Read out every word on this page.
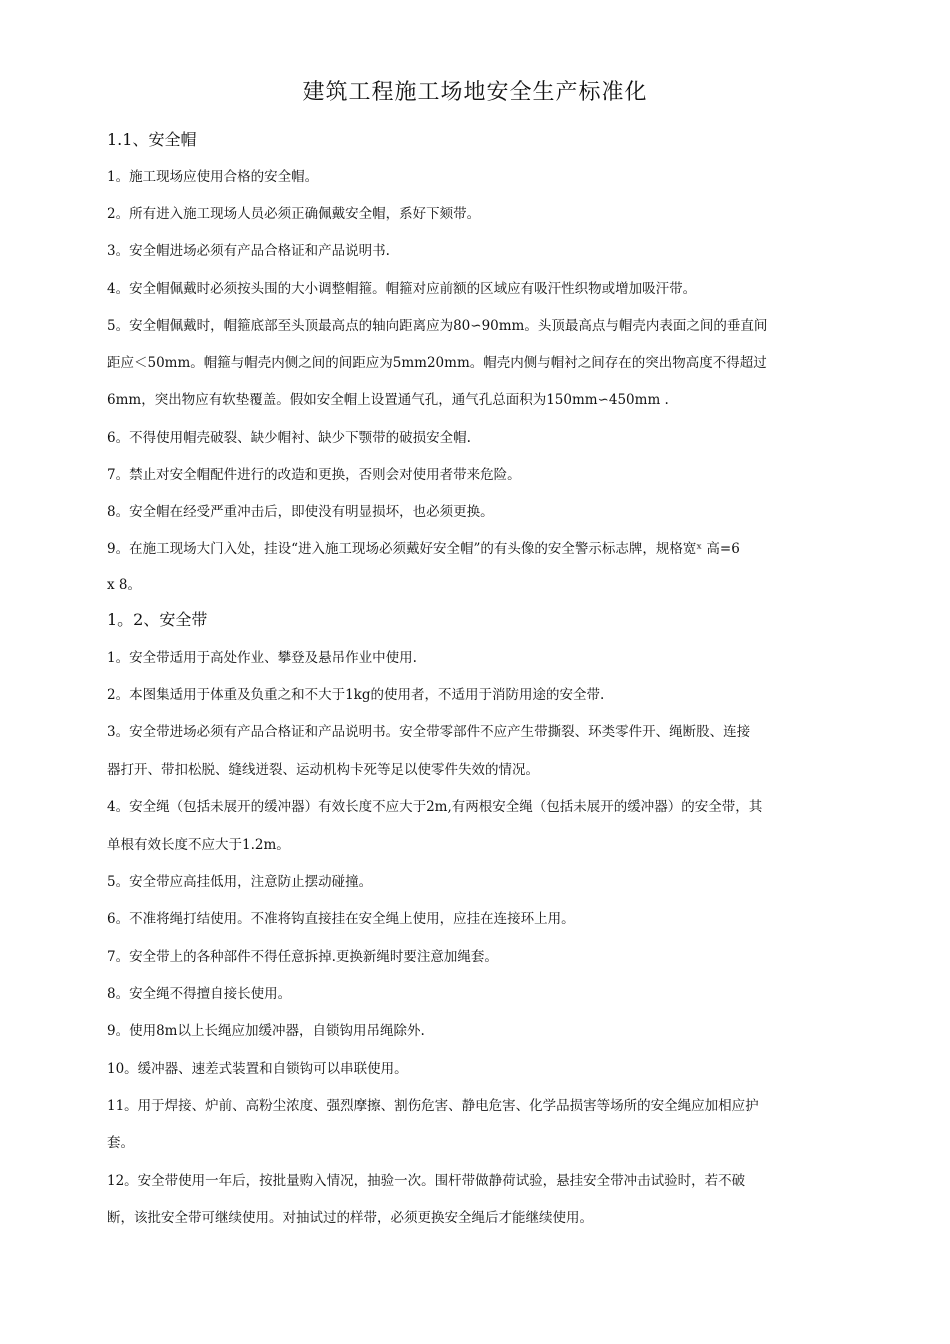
建筑工程施工场地安全生产标准化
1.1、安全帽
1。施工现场应使用合格的安全帽。
2。所有进入施工现场人员必须正确佩戴安全帽，系好下颏带。
3。安全帽进场必须有产品合格证和产品说明书.
4。安全帽佩戴时必须按头围的大小调整帽箍。帽箍对应前额的区域应有吸汗性织物或增加吸汗带。
5。安全帽佩戴时，帽箍底部至头顶最高点的轴向距离应为80∽90mm。头顶最高点与帽壳内表面之间的垂直间
距应＜50mm。帽箍与帽壳内侧之间的间距应为5mm20mm。帽壳内侧与帽衬之间存在的突出物高度不得超过
6mm，突出物应有软垫覆盖。假如安全帽上设置通气孔，通气孔总面积为150mm∽450mm .
6。不得使用帽壳破裂、缺少帽衬、缺少下颚带的破损安全帽.
7。禁止对安全帽配件进行的改造和更换，否则会对使用者带来危险。
8。安全帽在经受严重冲击后，即使没有明显损坏，也必须更换。
9。在施工现场大门入处，挂设“进入施工现场必须戴好安全帽”的有头像的安全警示标志牌，规格宽ˣ 高=6
x 8。
1。2、安全带
1。安全带适用于高处作业、攀登及悬吊作业中使用.
2。本图集适用于体重及负重之和不大于1kg的使用者，不适用于消防用途的安全带.
3。安全带进场必须有产品合格证和产品说明书。安全带零部件不应产生带撕裂、环类零件开、绳断股、连接
器打开、带扣松脱、缝线迸裂、运动机构卡死等足以使零件失效的情况。
4。安全绳（包括未展开的缓冲器）有效长度不应大于2m,有两根安全绳（包括未展开的缓冲器）的安全带，其
单根有效长度不应大于1.2m。
5。安全带应高挂低用，注意防止摆动碰撞。
6。不准将绳打结使用。不准将钩直接挂在安全绳上使用，应挂在连接环上用。
7。安全带上的各种部件不得任意拆掉.更换新绳时要注意加绳套。
8。安全绳不得擅自接长使用。
9。使用8m以上长绳应加缓冲器，自锁钩用吊绳除外.
10。缓冲器、速差式装置和自锁钩可以串联使用。
11。用于焊接、炉前、高粉尘浓度、强烈摩擦、割伤危害、静电危害、化学品损害等场所的安全绳应加相应护
套。
12。安全带使用一年后，按批量购入情况，抽验一次。围杆带做静荷试验，悬挂安全带冲击试验时，若不破
断，该批安全带可继续使用。对抽试过的样带，必须更换安全绳后才能继续使用。
